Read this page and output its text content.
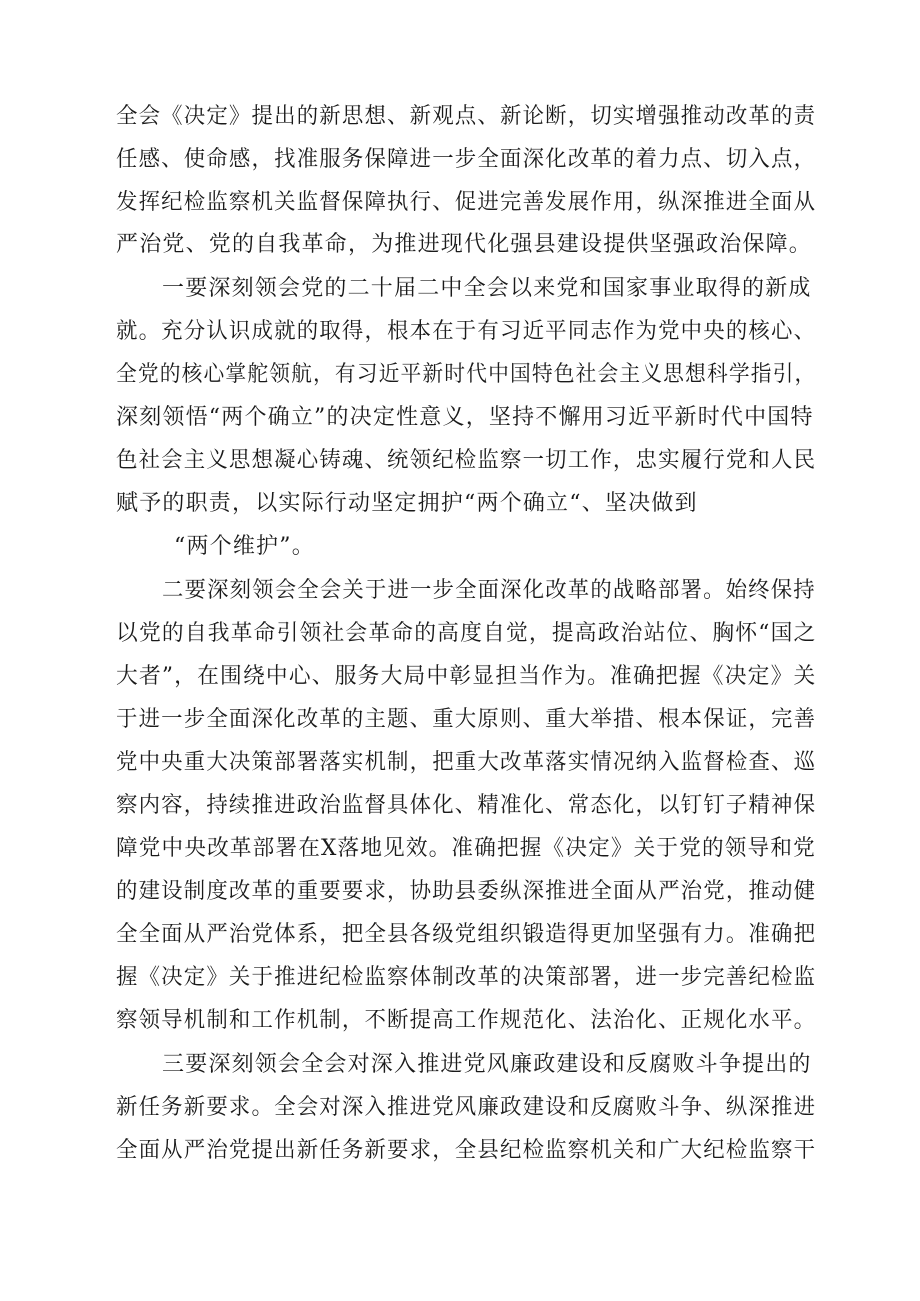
全会《决定》提出的新思想、新观点、新论断，切实增强推动改革的责
任感、使命感，找准服务保障进一步全面深化改革的着力点、切入点，
发挥纪检监察机关监督保障执行、促进完善发展作用，纵深推进全面从
严治党、党的自我革命，为推进现代化强县建设提供坚强政治保障。
一要深刻领会党的二十届二中全会以来党和国家事业取得的新成
就。充分认识成就的取得，根本在于有习近平同志作为党中央的核心、
全党的核心掌舵领航，有习近平新时代中国特色社会主义思想科学指引，
深刻领悟“两个确立”的决定性意义，坚持不懈用习近平新时代中国特
色社会主义思想凝心铸魂、统领纪检监察一切工作，忠实履行党和人民
赋予的职责，以实际行动坚定拥护“两个确立“、坚决做到
“两个维护”。
二要深刻领会全会关于进一步全面深化改革的战略部署。始终保持
以党的自我革命引领社会革命的高度自觉，提高政治站位、胸怀“国之
大者”，在围绕中心、服务大局中彰显担当作为。准确把握《决定》关
于进一步全面深化改革的主题、重大原则、重大举措、根本保证，完善
党中央重大决策部署落实机制，把重大改革落实情况纳入监督检查、巡
察内容，持续推进政治监督具体化、精准化、常态化，以钉钉子精神保
障党中央改革部署在X落地见效。准确把握《决定》关于党的领导和党
的建设制度改革的重要要求，协助县委纵深推进全面从严治党，推动健
全全面从严治党体系，把全县各级党组织锻造得更加坚强有力。准确把
握《决定》关于推进纪检监察体制改革的决策部署，进一步完善纪检监
察领导机制和工作机制，不断提高工作规范化、法治化、正规化水平。
三要深刻领会全会对深入推进党风廉政建设和反腐败斗争提出的
新任务新要求。全会对深入推进党风廉政建设和反腐败斗争、纵深推进
全面从严治党提出新任务新要求，全县纪检监察机关和广大纪检监察干
